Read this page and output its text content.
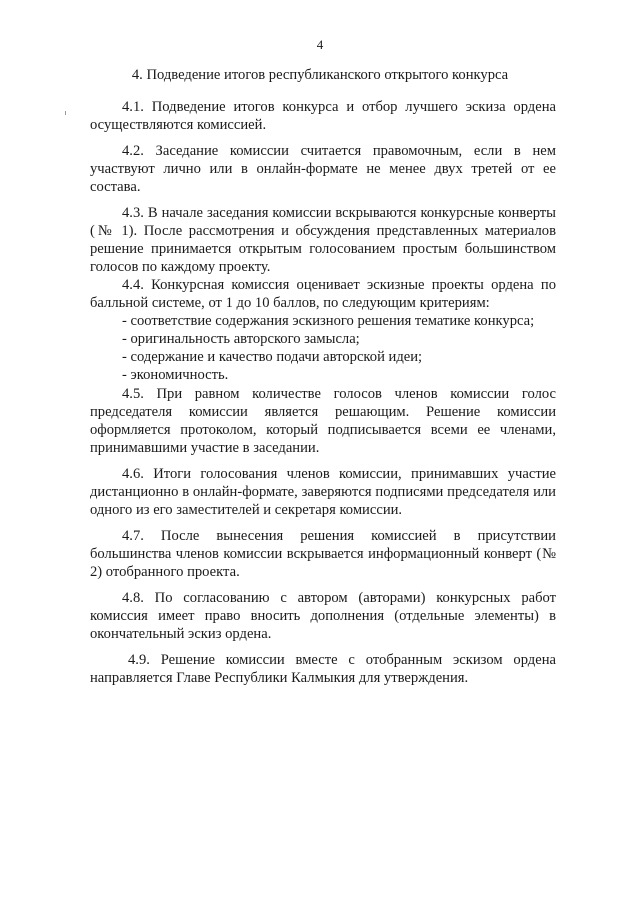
4
4. Подведение итогов республиканского открытого конкурса

4.1. Подведение итогов конкурса и отбор лучшего эскиза ордена осуществляются комиссией.

4.2. Заседание комиссии считается правомочным, если в нем участвуют лично или в онлайн-формате не менее двух третей от ее состава.

4.3. В начале заседания комиссии вскрываются конкурсные конверты (№ 1). После рассмотрения и обсуждения представленных материалов решение принимается открытым голосованием простым большинством голосов по каждому проекту.

4.4. Конкурсная комиссия оценивает эскизные проекты ордена по балльной системе, от 1 до 10 баллов, по следующим критериям:

- соответствие содержания эскизного решения тематике конкурса;
- оригинальность авторского замысла;
- содержание и качество подачи авторской идеи;
- экономичность.

4.5. При равном количестве голосов членов комиссии голос председателя комиссии является решающим. Решение комиссии оформляется протоколом, который подписывается всеми ее членами, принимавшими участие в заседании.

4.6. Итоги голосования членов комиссии, принимавших участие дистанционно в онлайн-формате, заверяются подписями председателя или одного из его заместителей и секретаря комиссии.

4.7. После вынесения решения комиссией в присутствии большинства членов комиссии вскрывается информационный конверт (№ 2) отобранного проекта.

4.8. По согласованию с автором (авторами) конкурсных работ комиссия имеет право вносить дополнения (отдельные элементы) в окончательный эскиз ордена.

4.9. Решение комиссии вместе с отобранным эскизом ордена направляется Главе Республики Калмыкия для утверждения.
